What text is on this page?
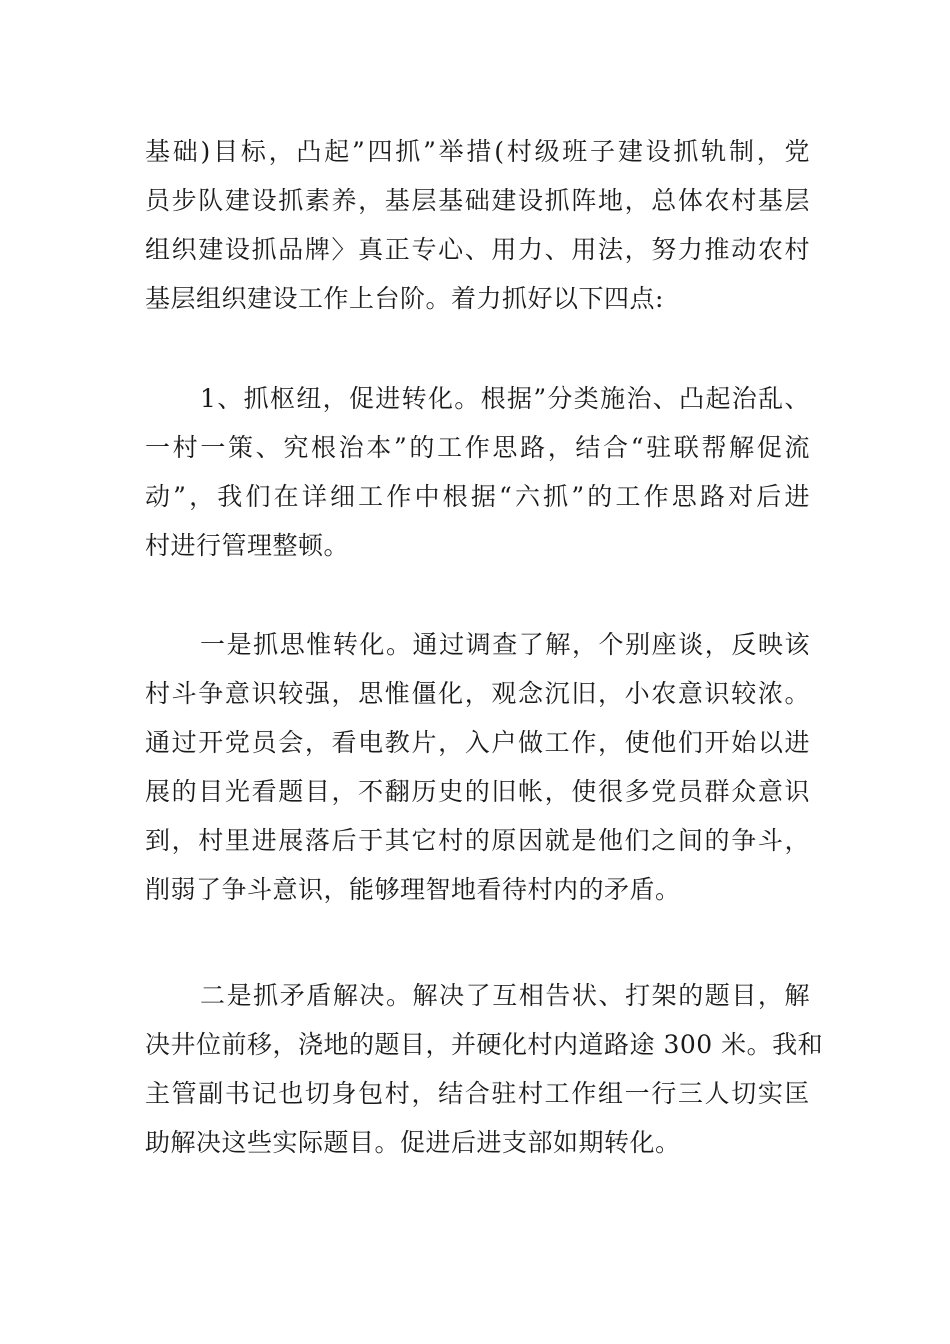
基础)目标，凸起”四抓”举措(村级班子建设抓轨制，党
员步队建设抓素养，基层基础建设抓阵地，总体农村基层
组织建设抓品牌〉真正专心、用力、用法，努力推动农村
基层组织建设工作上台阶。着力抓好以下四点:
1、抓枢纽，促进转化。根据”分类施治、凸起治乱、
一村一策、究根治本”的工作思路，结合“驻联帮解促流
动”，我们在详细工作中根据“六抓”的工作思路对后进
村进行管理整顿。
一是抓思惟转化。通过调查了解，个别座谈，反映该
村斗争意识较强，思惟僵化，观念沉旧，小农意识较浓。
通过开党员会，看电教片，入户做工作，使他们开始以进
展的目光看题目，不翻历史的旧帐，使很多党员群众意识
到，村里进展落后于其它村的原因就是他们之间的争斗，
削弱了争斗意识，能够理智地看待村内的矛盾。
二是抓矛盾解决。解决了互相告状、打架的题目，解
决井位前移，浇地的题目，并硬化村内道路途 300 米。我和
主管副书记也切身包村，结合驻村工作组一行三人切实匡
助解决这些实际题目。促进后进支部如期转化。
